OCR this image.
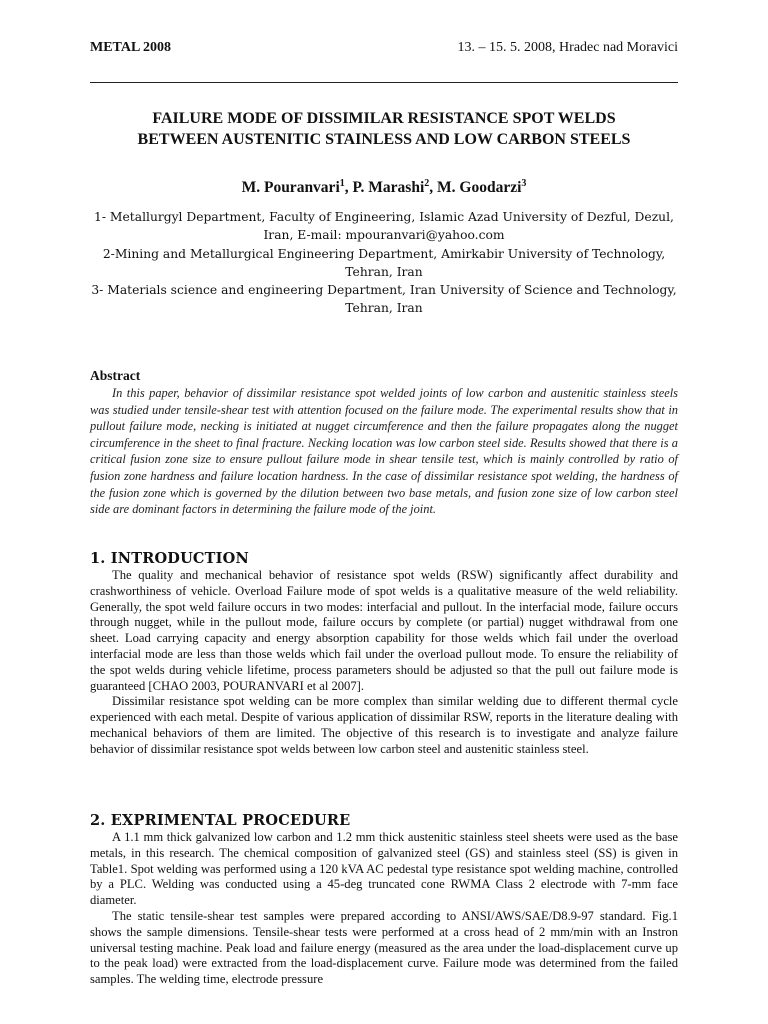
METAL 2008	13. – 15. 5. 2008, Hradec nad Moravici
FAILURE MODE OF DISSIMILAR RESISTANCE SPOT WELDS
BETWEEN AUSTENITIC STAINLESS AND LOW CARBON STEELS
M. Pouranvari$^1$, P. Marashi$^2$, M. Goodarzi$^3$

1- Metallurgyl Department, Faculty of Engineering, Islamic Azad University of Dezful, Dezul, Iran, E-mail: mpouranvari@yahoo.com

2-Mining and Metallurgical Engineering Department, Amirkabir University of Technology, Tehran, Iran

3- Materials science and engineering Department, Iran University of Science and Technology, Tehran, Iran

Abstract
In this paper, behavior of dissimilar resistance spot welded joints of low carbon and austenitic stainless steels was studied under tensile-shear test with attention focused on the failure mode. The experimental results show that in pullout failure mode, necking is initiated at nugget circumference and then the failure propagates along the nugget circumference in the sheet to final fracture. Necking location was low carbon steel side. Results showed that there is a critical fusion zone size to ensure pullout failure mode in shear tensile test, which is mainly controlled by ratio of fusion zone hardness and failure location hardness. In the case of dissimilar resistance spot welding, the hardness of the fusion zone which is governed by the dilution between two base metals, and fusion zone size of low carbon steel side are dominant factors in determining the failure mode of the joint.
1. INTRODUCTION

The quality and mechanical behavior of resistance spot welds (RSW) significantly affect durability and crashworthiness of vehicle. Overload Failure mode of spot welds is a qualitative measure of the weld reliability. Generally, the spot weld failure occurs in two modes: interfacial and pullout. In the interfacial mode, failure occurs through nugget, while in the pullout mode, failure occurs by complete (or partial) nugget withdrawal from one sheet. Load carrying capacity and energy absorption capability for those welds which fail under the overload interfacial mode are less than those welds which fail under the overload pullout mode. To ensure the reliability of the spot welds during vehicle lifetime, process parameters should be adjusted so that the pull out failure mode is guaranteed [CHAO 2003, POURANVARI et al 2007].

Dissimilar resistance spot welding can be more complex than similar welding due to different thermal cycle experienced with each metal. Despite of various application of dissimilar RSW, reports in the literature dealing with mechanical behaviors of them are limited. The objective of this research is to investigate and analyze failure behavior of dissimilar resistance spot welds between low carbon steel and austenitic stainless steel.

2. EXPRIMENTAL PROCEDURE

A 1.1 mm thick galvanized low carbon and 1.2 mm thick austenitic stainless steel sheets were used as the base metals, in this research. The chemical composition of galvanized steel (GS) and stainless steel (SS) is given in Table1. Spot welding was performed using a 120 kVA AC pedestal type resistance spot welding machine, controlled by a PLC. Welding was conducted using a 45-deg truncated cone RWMA Class 2 electrode with 7-mm face diameter.

The static tensile-shear test samples were prepared according to ANSI/AWS/SAE/D8.9-97 standard. Fig.1 shows the sample dimensions. Tensile-shear tests were performed at a cross head of 2 mm/min with an Instron universal testing machine. Peak load and failure energy (measured as the area under the load-displacement curve up to the peak load) were extracted from the load-displacement curve. Failure mode was determined from the failed samples. The welding time, electrode pressure
